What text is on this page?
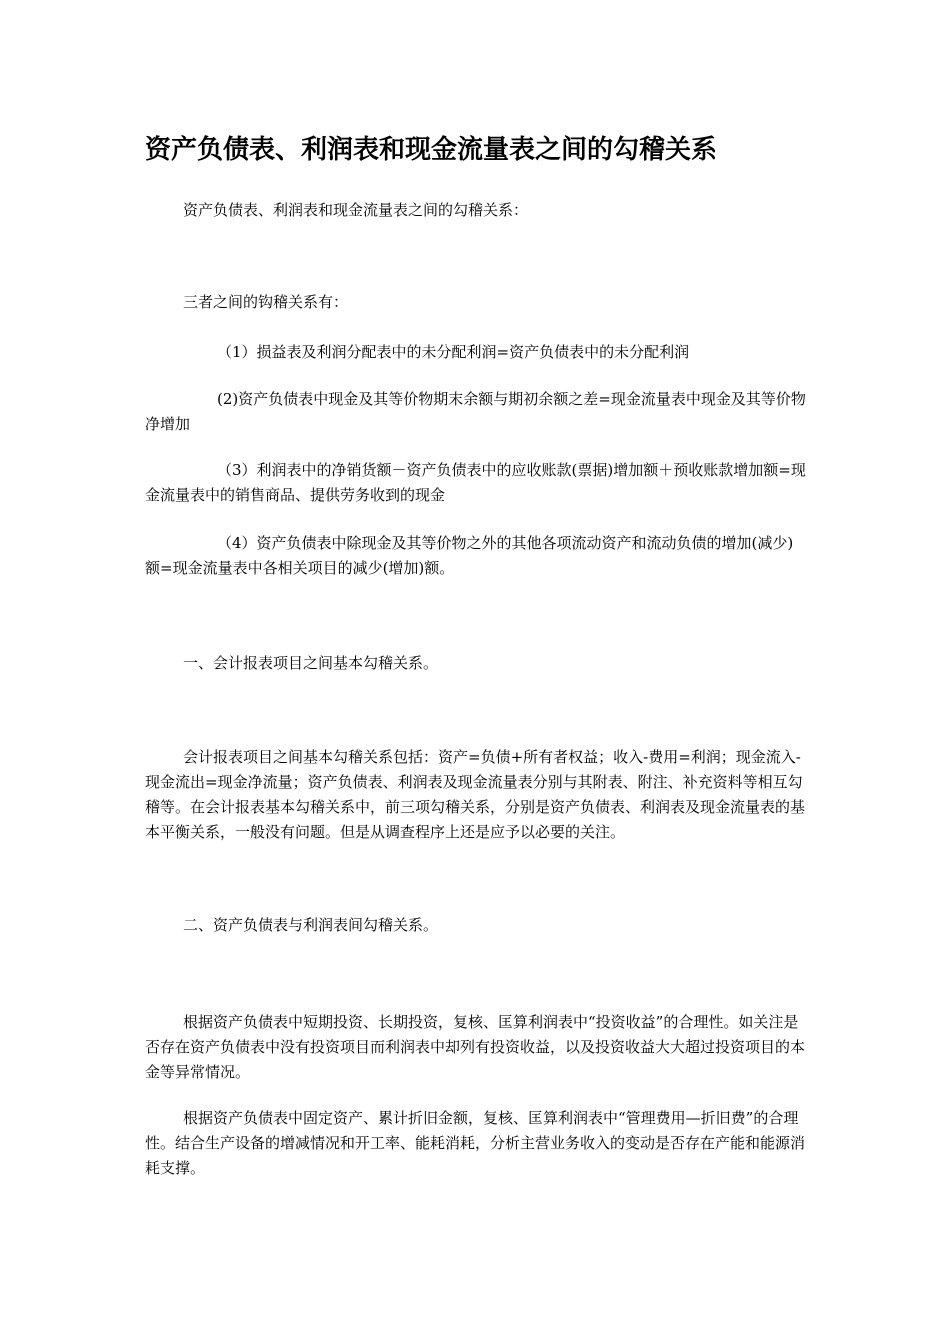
资产负债表、利润表和现金流量表之间的勾稽关系

资产负债表、利润表和现金流量表之间的勾稽关系：

三者之间的钩稽关系有：

（1）损益表及利润分配表中的未分配利润=资产负债表中的未分配利润

(2)资产负债表中现金及其等价物期末余额与期初余额之差=现金流量表中现金及其等价物净增加

（3）利润表中的净销货额－资产负债表中的应收账款(票据)增加额＋预收账款增加额=现金流量表中的销售商品、提供劳务收到的现金

（4）资产负债表中除现金及其等价物之外的其他各项流动资产和流动负债的增加(减少)额=现金流量表中各相关项目的减少(增加)额。

一、会计报表项目之间基本勾稽关系。

会计报表项目之间基本勾稽关系包括：资产=负债+所有者权益；收入-费用=利润；现金流入-现金流出=现金净流量；资产负债表、利润表及现金流量表分别与其附表、附注、补充资料等相互勾稽等。在会计报表基本勾稽关系中，前三项勾稽关系，分别是资产负债表、利润表及现金流量表的基本平衡关系，一般没有问题。但是从调查程序上还是应予以必要的关注。

二、资产负债表与利润表间勾稽关系。

根据资产负债表中短期投资、长期投资，复核、匡算利润表中“投资收益”的合理性。如关注是否存在资产负债表中没有投资项目而利润表中却列有投资收益，以及投资收益大大超过投资项目的本金等异常情况。

根据资产负债表中固定资产、累计折旧金额，复核、匡算利润表中“管理费用—折旧费”的合理性。结合生产设备的增减情况和开工率、能耗消耗，分析主营业务收入的变动是否存在产能和能源消耗支撑。
